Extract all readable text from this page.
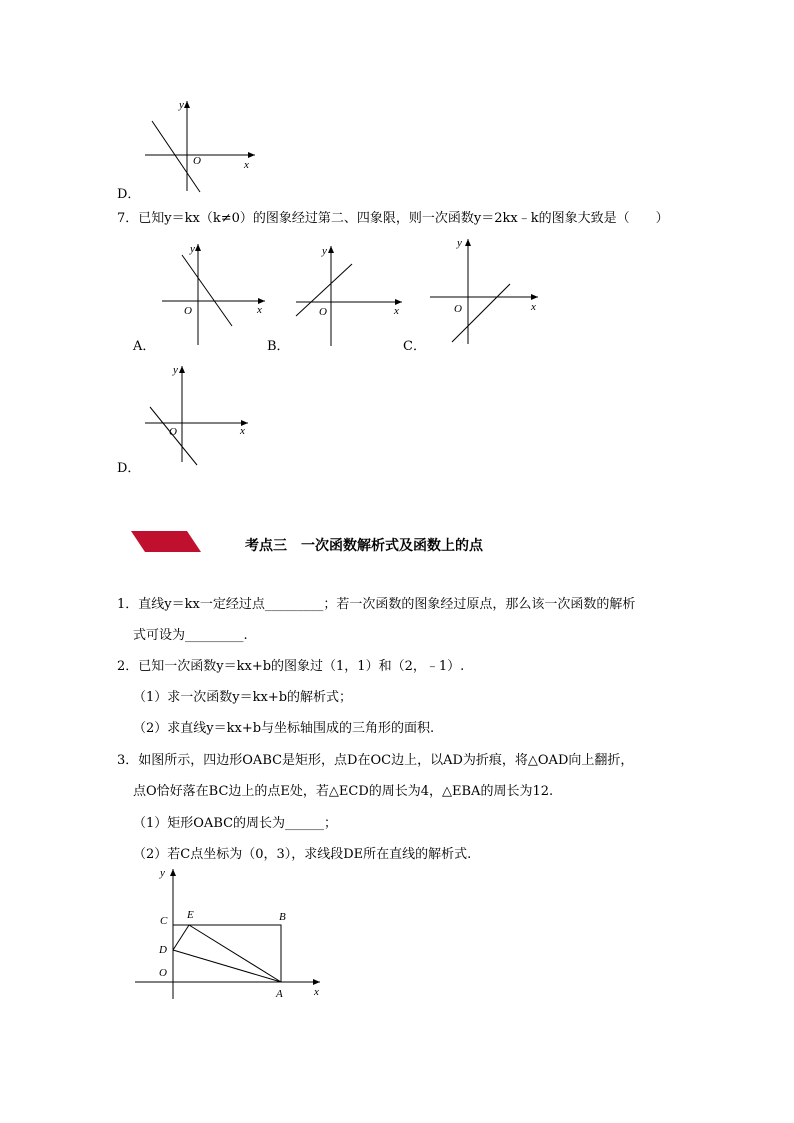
x
y
O
D．
7．已知y＝kx（k≠0）的图象经过第二、四象限，则一次函数y＝2kx﹣k的图象大致是（　　）
x
y
O
A．
x
y
O
B．
x
y
O
C．
x
y
O
D．
考点三　一次函数解析式及函数上的点
1．直线y＝kx一定经过点_________；若一次函数的图象经过原点，那么该一次函数的解析
式可设为_________.
2．已知一次函数y＝kx+b的图象过（1，1）和（2，﹣1）.
（1）求一次函数y＝kx+b的解析式；
（2）求直线y＝kx+b与坐标轴围成的三角形的面积.
3．如图所示，四边形OABC是矩形，点D在OC边上，以AD为折痕，将△OAD向上翻折，
点O恰好落在BC边上的点E处，若△ECD的周长为4，△EBA的周长为12.
（1）矩形OABC的周长为______；
（2）若C点坐标为（0，3），求线段DE所在直线的解析式.
x
y
O
A
B
C
D
E
